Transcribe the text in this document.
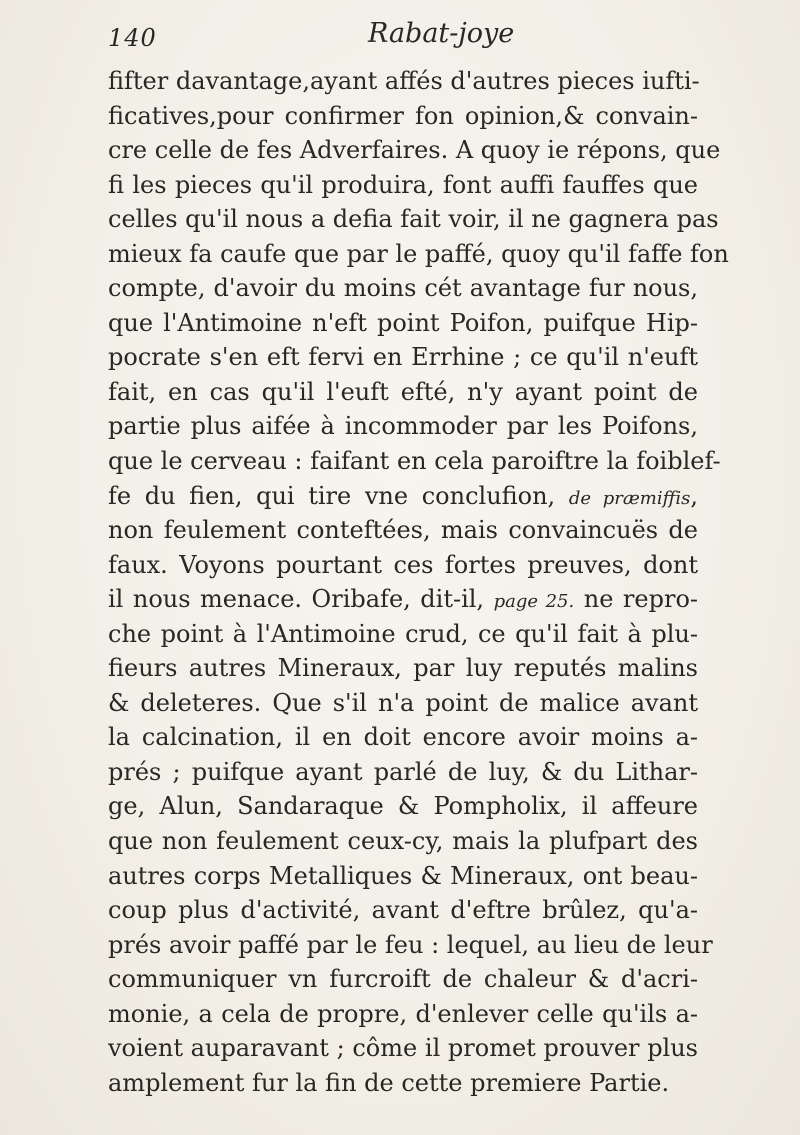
140	Rabat-joye
fifter davantage,ayant affés d'autres pieces iufti-
ficatives,pour confirmer fon opinion,& convain-
cre celle de fes Adverfaires. A quoy ie répons, que
fi les pieces qu'il produira, font auffi fauffes que
celles qu'il nous a defia fait voir, il ne gagnera pas
mieux fa caufe que par le paffé, quoy qu'il faffe fon
compte, d'avoir du moins cét avantage fur nous,
que l'Antimoine n'eft point Poifon, puifque Hip-
pocrate s'en eft fervi en Errhine ; ce qu'il n'euft
fait, en cas qu'il l'euft efté, n'y ayant point de
partie plus aifée à incommoder par les Poifons,
que le cerveau : faifant en cela paroiftre la foiblef-
fe du fien, qui tire vne conclufion, de præmiffis,
non feulement conteftées, mais convaincuës de
faux. Voyons pourtant ces fortes preuves, dont
il nous menace. Oribafe, dit-il, page 25. ne repro-
che point à l'Antimoine crud, ce qu'il fait à plu-
fieurs autres Mineraux, par luy reputés malins
& deleteres. Que s'il n'a point de malice avant
la calcination, il en doit encore avoir moins a-
prés ; puifque ayant parlé de luy, & du Lithar-
ge, Alun, Sandaraque & Pompholix, il affeure
que non feulement ceux-cy, mais la plufpart des
autres corps Metalliques & Mineraux, ont beau-
coup plus d'activité, avant d'eftre brûlez, qu'a-
prés avoir paffé par le feu : lequel, au lieu de leur
communiquer vn furcroift de chaleur & d'acri-
monie, a cela de propre, d'enlever celle qu'ils a-
voient auparavant ; côme il promet prouver plus
amplement fur la fin de cette premiere Partie.
